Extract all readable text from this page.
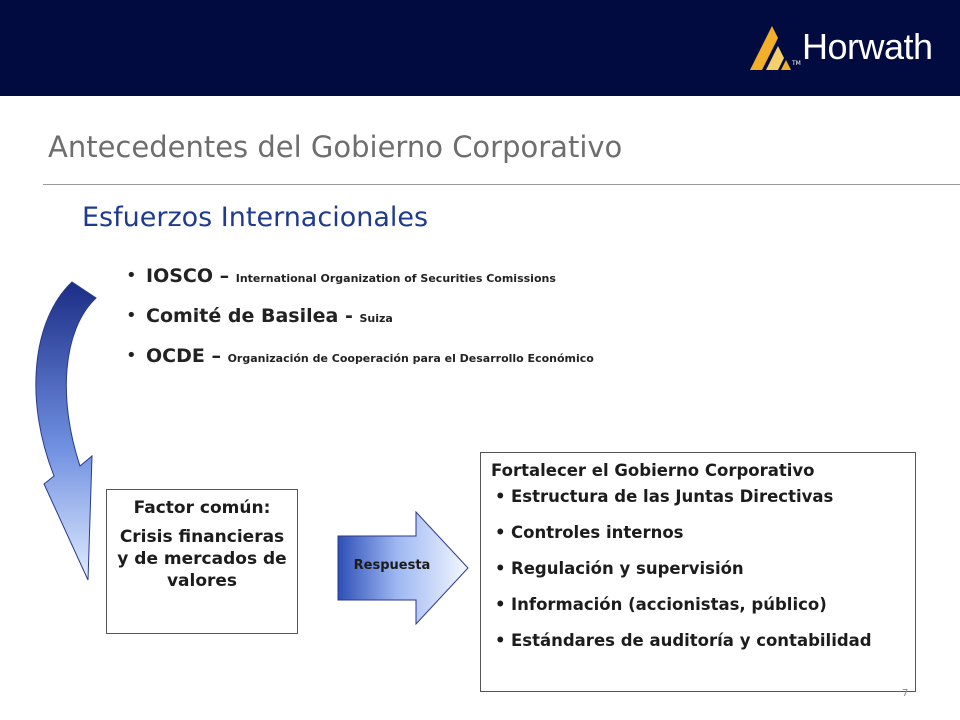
Horwath
TM
Antecedentes del Gobierno Corporativo
Esfuerzos Internacionales
• IOSCO – International Organization of Securities Comissions
• Comité de Basilea - Suiza
• OCDE – Organización de Cooperación para el Desarrollo Económico
Factor común:
Crisis financieras y de mercados de valores
Respuesta

Fortalecer el Gobierno Corporativo

• Estructura de las Juntas Directivas
• Controles internos
• Regulación y supervisión
• Información (accionistas, público)
• Estándares de auditoría y contabilidad
7
